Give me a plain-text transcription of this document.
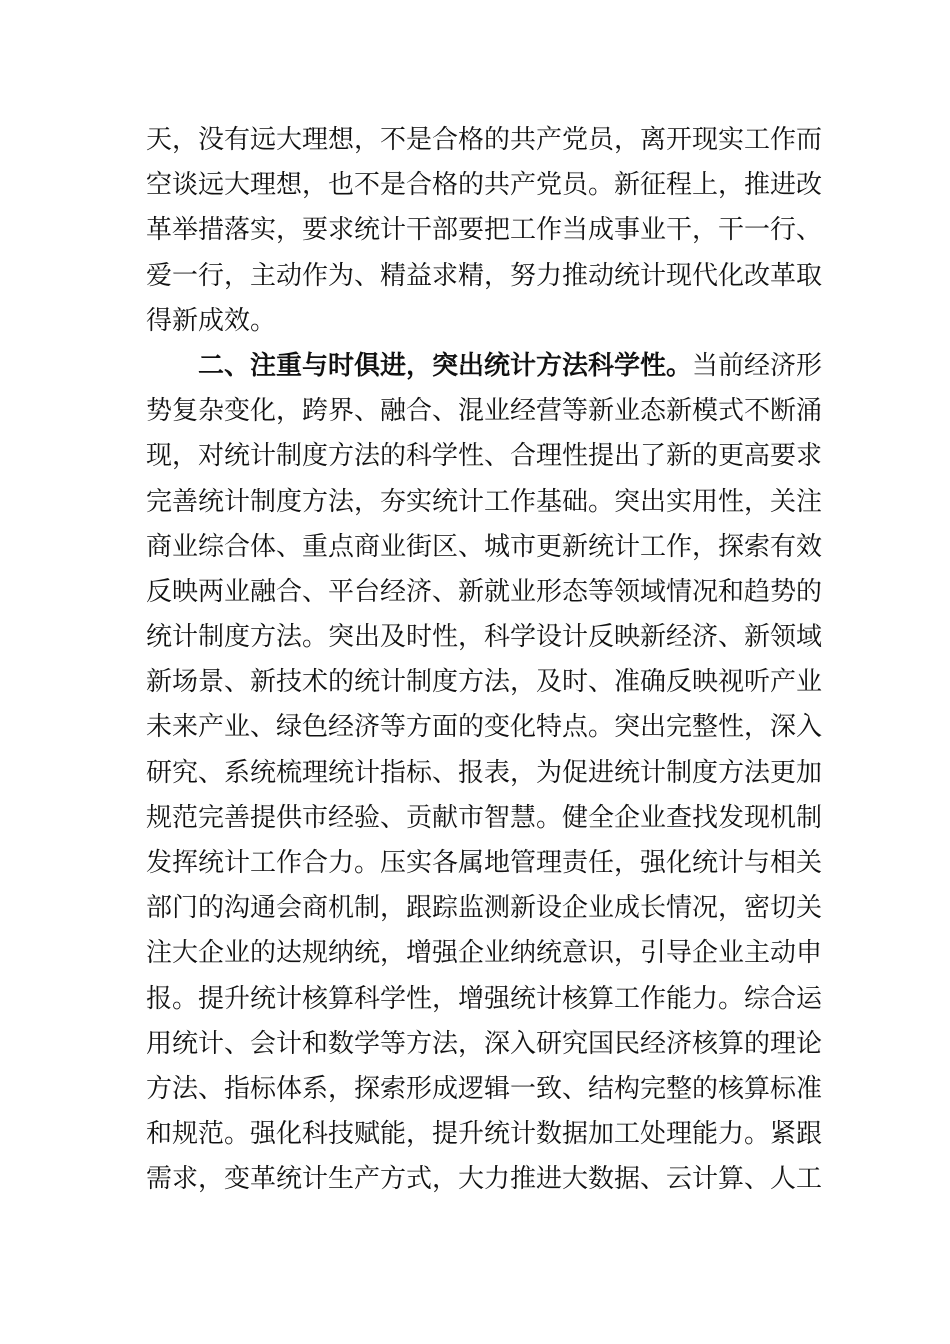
天，没有远大理想，不是合格的共产党员，离开现实工作而
空谈远大理想，也不是合格的共产党员。新征程上，推进改
革举措落实，要求统计干部要把工作当成事业干，干一行、
爱一行，主动作为、精益求精，努力推动统计现代化改革取
得新成效。
二、注重与时俱进，突出统计方法科学性。当前经济形
势复杂变化，跨界、融合、混业经营等新业态新模式不断涌
现，对统计制度方法的科学性、合理性提出了新的更高要求
完善统计制度方法，夯实统计工作基础。突出实用性，关注
商业综合体、重点商业街区、城市更新统计工作，探索有效
反映两业融合、平台经济、新就业形态等领域情况和趋势的
统计制度方法。突出及时性，科学设计反映新经济、新领域
新场景、新技术的统计制度方法，及时、准确反映视听产业
未来产业、绿色经济等方面的变化特点。突出完整性，深入
研究、系统梳理统计指标、报表，为促进统计制度方法更加
规范完善提供市经验、贡献市智慧。健全企业查找发现机制
发挥统计工作合力。压实各属地管理责任，强化统计与相关
部门的沟通会商机制，跟踪监测新设企业成长情况，密切关
注大企业的达规纳统，增强企业纳统意识，引导企业主动申
报。提升统计核算科学性，增强统计核算工作能力。综合运
用统计、会计和数学等方法，深入研究国民经济核算的理论
方法、指标体系，探索形成逻辑一致、结构完整的核算标准
和规范。强化科技赋能，提升统计数据加工处理能力。紧跟
需求，变革统计生产方式，大力推进大数据、云计算、人工
